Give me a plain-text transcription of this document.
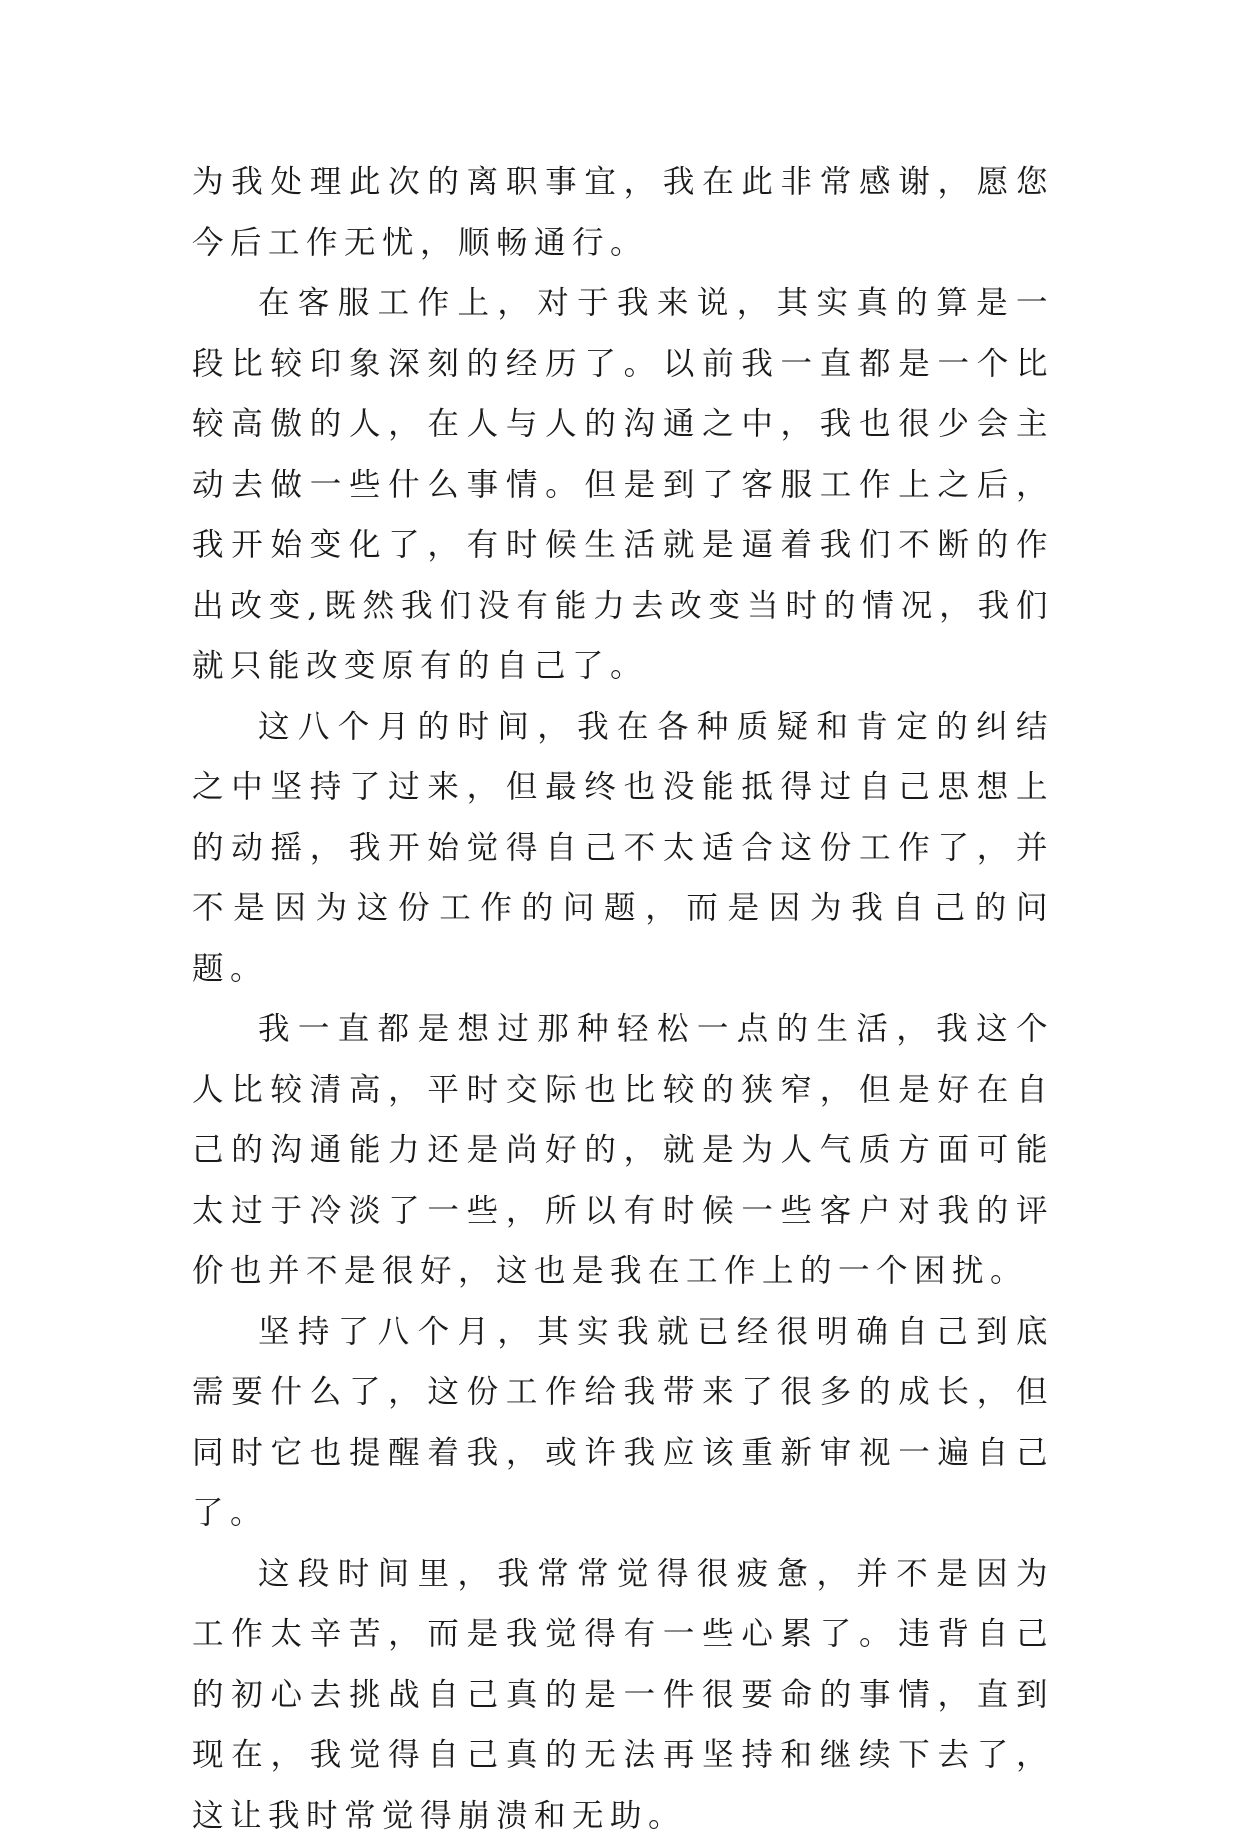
为我处理此次的离职事宜，我在此非常感谢，愿您今后工作无忧，顺畅通行。

在客服工作上，对于我来说，其实真的算是一段比较印象深刻的经历了。以前我一直都是一个比较高傲的人，在人与人的沟通之中，我也很少会主动去做一些什么事情。但是到了客服工作上之后，我开始变化了，有时候生活就是逼着我们不断的作出改变,既然我们没有能力去改变当时的情况，我们就只能改变原有的自己了。

这八个月的时间，我在各种质疑和肯定的纠结之中坚持了过来，但最终也没能抵得过自己思想上的动摇，我开始觉得自己不太适合这份工作了，并不是因为这份工作的问题，而是因为我自己的问题。

我一直都是想过那种轻松一点的生活，我这个人比较清高，平时交际也比较的狭窄，但是好在自己的沟通能力还是尚好的，就是为人气质方面可能太过于冷淡了一些，所以有时候一些客户对我的评价也并不是很好，这也是我在工作上的一个困扰。

坚持了八个月，其实我就已经很明确自己到底需要什么了，这份工作给我带来了很多的成长，但同时它也提醒着我，或许我应该重新审视一遍自己了。

这段时间里，我常常觉得很疲惫，并不是因为工作太辛苦，而是我觉得有一些心累了。违背自己的初心去挑战自己真的是一件很要命的事情，直到现在，我觉得自己真的无法再坚持和继续下去了，这让我时常觉得崩溃和无助。
